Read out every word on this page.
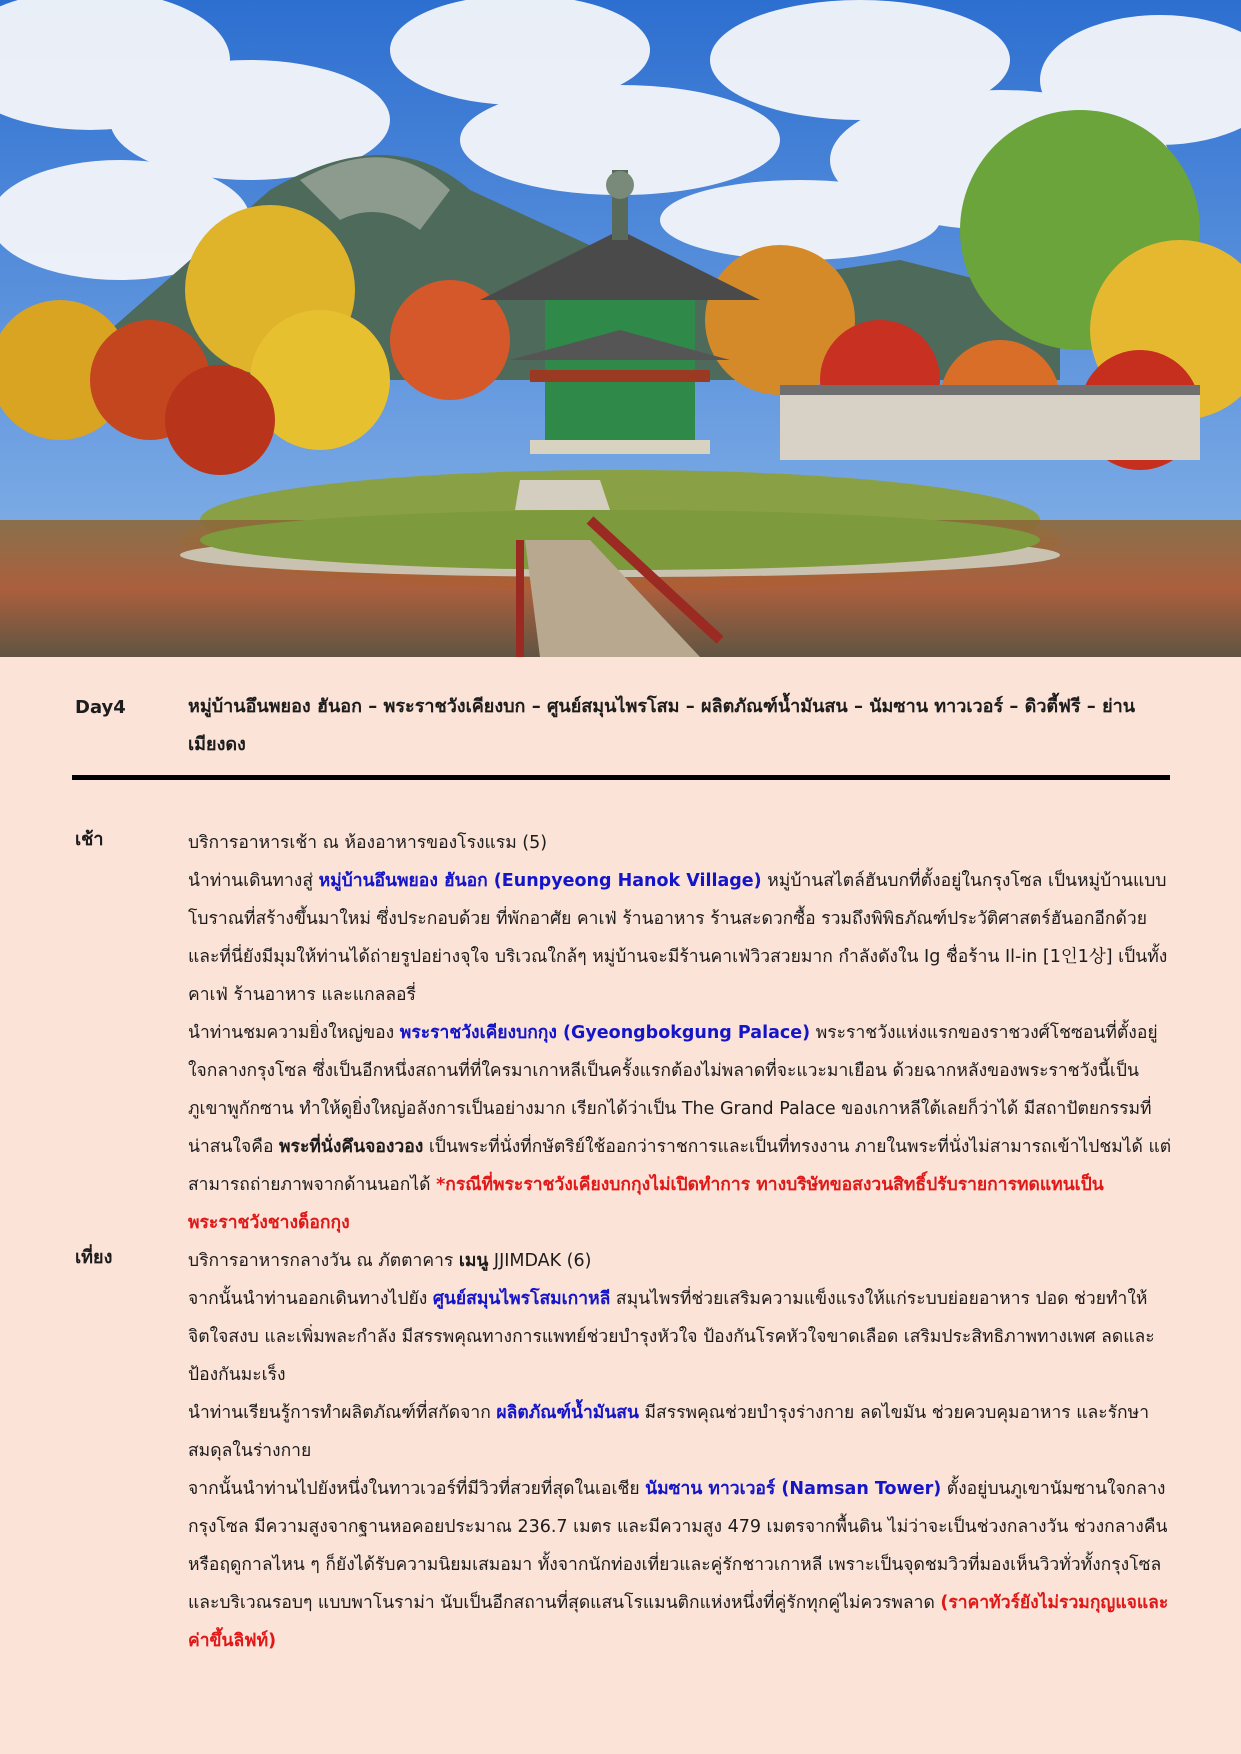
Day4	หมู่บ้านอึนพยอง ฮันอก – พระราชวังเคียงบก – ศูนย์สมุนไพรโสม – ผลิตภัณฑ์น้ำมันสน – นัมซาน ทาวเวอร์ – ดิวตี้ฟรี – ย่านเมียงดง
เช้า	บริการอาหารเช้า ณ ห้องอาหารของโรงแรม (5)

นำท่านเดินทางสู่ หมู่บ้านอึนพยอง ฮันอก (Eunpyeong Hanok Village) หมู่บ้านสไตล์ฮันบกที่ตั้งอยู่ในกรุงโซล เป็นหมู่บ้านแบบโบราณที่สร้างขึ้นมาใหม่ ซึ่งประกอบด้วย ที่พักอาศัย คาเฟ่ ร้านอาหาร ร้านสะดวกซื้อ รวมถึงพิพิธภัณฑ์ประวัติศาสตร์ฮันอกอีกด้วย และที่นี่ยังมีมุมให้ท่านได้ถ่ายรูปอย่างจุใจ บริเวณใกล้ๆ หมู่บ้านจะมีร้านคาเฟ่วิวสวยมาก กำลังดังใน Ig ชื่อร้าน Il-in [1인1상] เป็นทั้งคาเฟ่ ร้านอาหาร และแกลลอรี่

นำท่านชมความยิ่งใหญ่ของ พระราชวังเคียงบกกุง (Gyeongbokgung Palace) พระราชวังแห่งแรกของราชวงศ์โชซอนที่ตั้งอยู่ใจกลางกรุงโซล ซึ่งเป็นอีกหนึ่งสถานที่ที่ใครมาเกาหลีเป็นครั้งแรกต้องไม่พลาดที่จะแวะมาเยือน ด้วยฉากหลังของพระราชวังนี้เป็นภูเขาพูกักซาน ทำให้ดูยิ่งใหญ่อลังการเป็นอย่างมาก เรียกได้ว่าเป็น The Grand Palace ของเกาหลีใต้เลยก็ว่าได้ มีสถาปัตยกรรมที่น่าสนใจคือ พระที่นั่งคึนจองวอง เป็นพระที่นั่งที่กษัตริย์ใช้ออกว่าราชการและเป็นที่ทรงงาน ภายในพระที่นั่งไม่สามารถเข้าไปชมได้ แต่สามารถถ่ายภาพจากด้านนอกได้ *กรณีที่พระราชวังเคียงบกกุงไม่เปิดทำการ ทางบริษัทขอสงวนสิทธิ์ปรับรายการทดแทนเป็นพระราชวังชางด็อกกุง

เที่ยง	บริการอาหารกลางวัน ณ ภัตตาคาร เมนู JJIMDAK (6)

จากนั้นนำท่านออกเดินทางไปยัง ศูนย์สมุนไพรโสมเกาหลี สมุนไพรที่ช่วยเสริมความแข็งแรงให้แก่ระบบย่อยอาหาร ปอด ช่วยทำให้จิตใจสงบ และเพิ่มพละกำลัง มีสรรพคุณทางการแพทย์ช่วยบำรุงหัวใจ ป้องกันโรคหัวใจขาดเลือด เสริมประสิทธิภาพทางเพศ ลดและป้องกันมะเร็ง

นำท่านเรียนรู้การทำผลิตภัณฑ์ที่สกัดจาก ผลิตภัณฑ์น้ำมันสน มีสรรพคุณช่วยบำรุงร่างกาย ลดไขมัน ช่วยควบคุมอาหาร และรักษาสมดุลในร่างกาย

จากนั้นนำท่านไปยังหนึ่งในทาวเวอร์ที่มีวิวที่สวยที่สุดในเอเชีย นัมซาน ทาวเวอร์ (Namsan Tower) ตั้งอยู่บนภูเขานัมซานใจกลางกรุงโซล มีความสูงจากฐานหอคอยประมาณ 236.7 เมตร และมีความสูง 479 เมตรจากพื้นดิน ไม่ว่าจะเป็นช่วงกลางวัน ช่วงกลางคืน หรือฤดูกาลไหน ๆ ก็ยังได้รับความนิยมเสมอมา ทั้งจากนักท่องเที่ยวและคู่รักชาวเกาหลี เพราะเป็นจุดชมวิวที่มองเห็นวิวทั่วทั้งกรุงโซล และบริเวณรอบๆ แบบพาโนราม่า นับเป็นอีกสถานที่สุดแสนโรแมนติกแห่งหนึ่งที่คู่รักทุกคู่ไม่ควรพลาด (ราคาทัวร์ยังไม่รวมกุญแจและค่าขึ้นลิฟท์)
